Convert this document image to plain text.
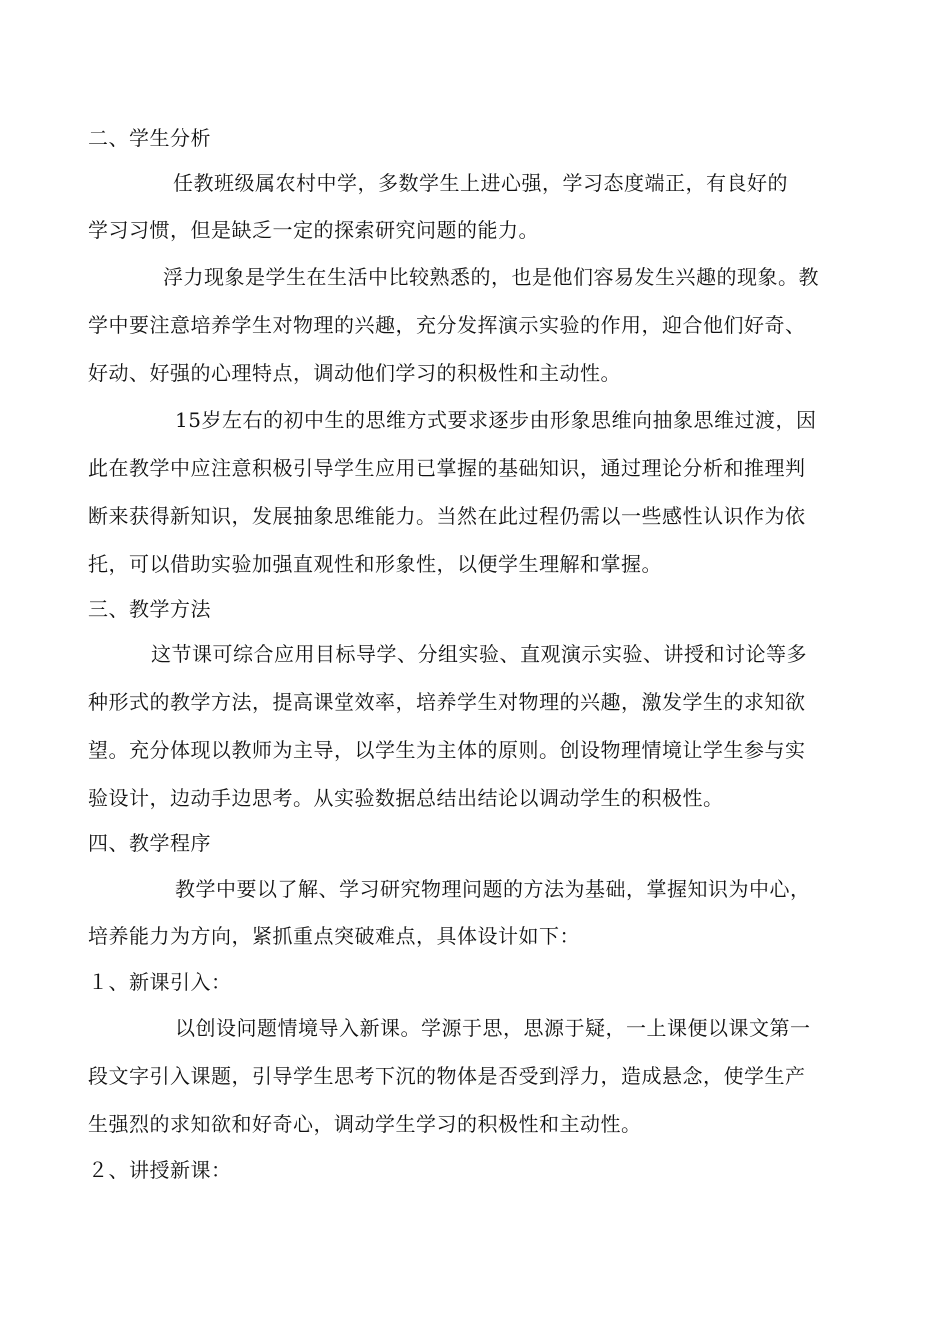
二、学生分析
任教班级属农村中学，多数学生上进心强，学习态度端正，有良好的
学习习惯，但是缺乏一定的探索研究问题的能力。
浮力现象是学生在生活中比较熟悉的，也是他们容易发生兴趣的现象。教
学中要注意培养学生对物理的兴趣，充分发挥演示实验的作用，迎合他们好奇、
好动、好强的心理特点，调动他们学习的积极性和主动性。
15岁左右的初中生的思维方式要求逐步由形象思维向抽象思维过渡，因
此在教学中应注意积极引导学生应用已掌握的基础知识，通过理论分析和推理判
断来获得新知识，发展抽象思维能力。当然在此过程仍需以一些感性认识作为依
托，可以借助实验加强直观性和形象性，以便学生理解和掌握。
三、教学方法
这节课可综合应用目标导学、分组实验、直观演示实验、讲授和讨论等多
种形式的教学方法，提高课堂效率，培养学生对物理的兴趣，激发学生的求知欲
望。充分体现以教师为主导，以学生为主体的原则。创设物理情境让学生参与实
验设计，边动手边思考。从实验数据总结出结论以调动学生的积极性。
四、教学程序
教学中要以了解、学习研究物理问题的方法为基础，掌握知识为中心，
培养能力为方向，紧抓重点突破难点，具体设计如下：
１、新课引入：
以创设问题情境导入新课。学源于思，思源于疑，一上课便以课文第一
段文字引入课题，引导学生思考下沉的物体是否受到浮力，造成悬念，使学生产
生强烈的求知欲和好奇心，调动学生学习的积极性和主动性。
２、讲授新课：
